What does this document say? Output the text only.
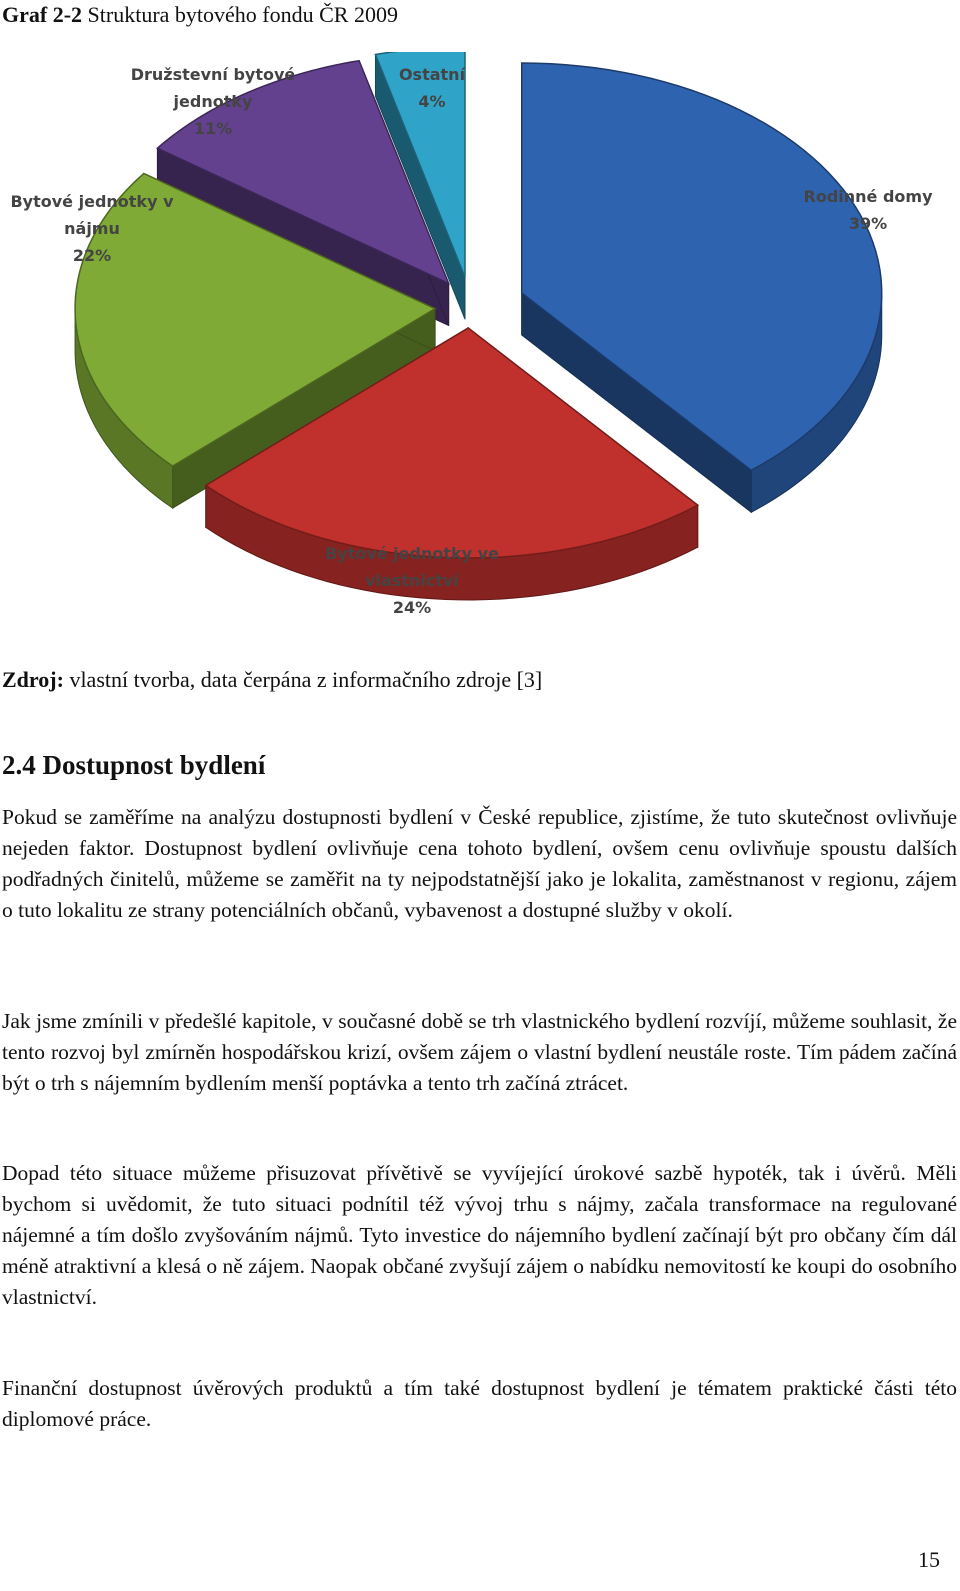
Graf 2-2 Struktura bytového fondu ČR 2009
Rodinné domy 39%
Bytové jednotky ve vlastnictví 24%
Bytové jednotky v nájmu 22%
Družstevní bytové jednotky 11%
Ostatní 4%
Zdroj: vlastní tvorba, data čerpána z informačního zdroje [3]
2.4 Dostupnost bydlení

Pokud se zaměříme na analýzu dostupnosti bydlení v České republice, zjistíme, že tuto skutečnost ovlivňuje nejeden faktor. Dostupnost bydlení ovlivňuje cena tohoto bydlení, ovšem cenu ovlivňuje spoustu dalších podřadných činitelů, můžeme se zaměřit na ty nejpodstatnější jako je lokalita, zaměstnanost v regionu, zájem o tuto lokalitu ze strany potenciálních občanů, vybavenost a dostupné služby v okolí.

Jak jsme zmínili v předešlé kapitole, v současné době se trh vlastnického bydlení rozvíjí, můžeme souhlasit, že tento rozvoj byl zmírněn hospodářskou krizí, ovšem zájem o vlastní bydlení neustále roste. Tím pádem začíná být o trh s nájemním bydlením menší poptávka a tento trh začíná ztrácet.

Dopad této situace můžeme přisuzovat přívětivě se vyvíjející úrokové sazbě hypoték, tak i úvěrů. Měli bychom si uvědomit, že tuto situaci podnítil též vývoj trhu s nájmy, začala transformace na regulované nájemné a tím došlo zvyšováním nájmů. Tyto investice do nájemního bydlení začínají být pro občany čím dál méně atraktivní a klesá o ně zájem. Naopak občané zvyšují zájem o nabídku nemovitostí ke koupi do osobního vlastnictví.

Finanční dostupnost úvěrových produktů a tím také dostupnost bydlení je tématem praktické části této diplomové práce.

15
